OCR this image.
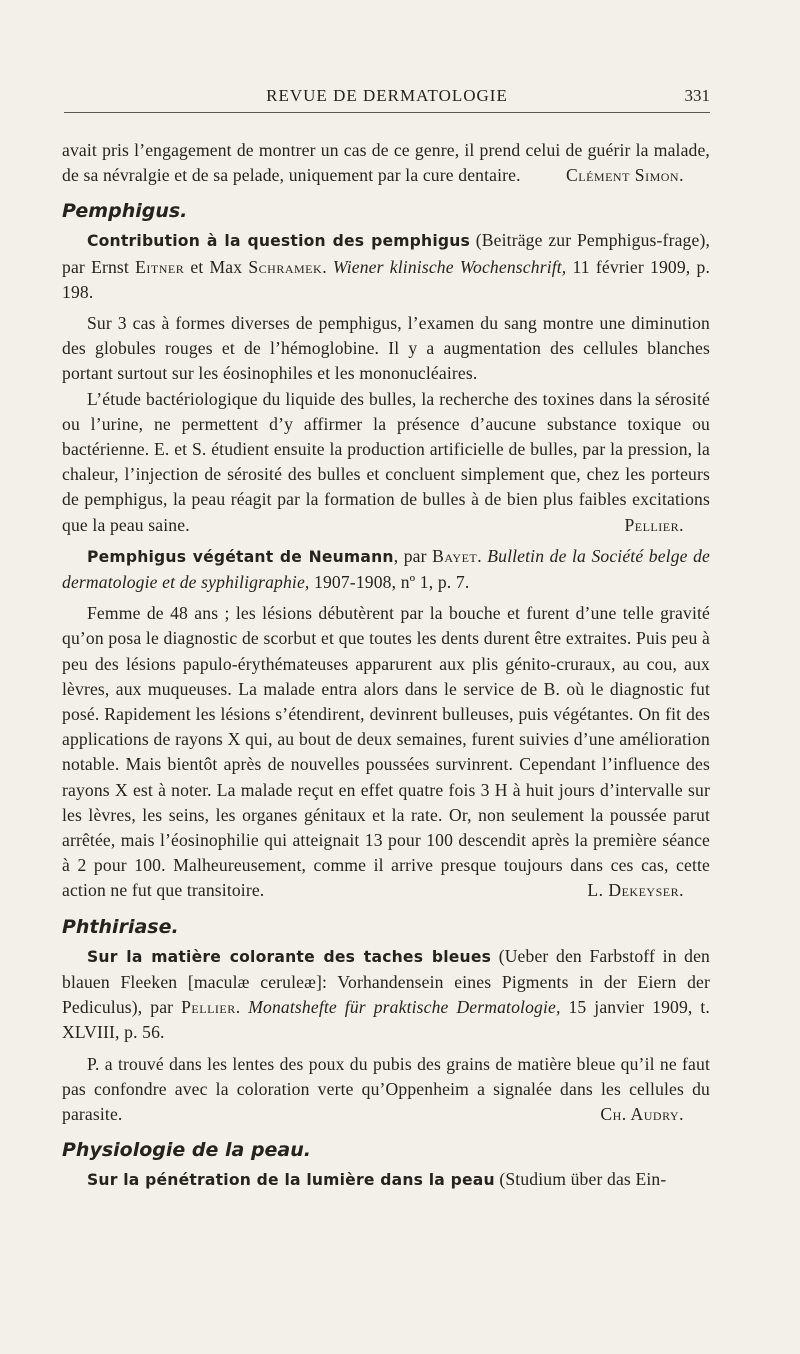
REVUE DE DERMATOLOGIE	331

avait pris l’engagement de montrer un cas de ce genre, il prend celui de guérir la malade, de sa névralgie et de sa pelade, uniquement par la cure dentaire.	Clément Simon.

Pemphigus.

Contribution à la question des pemphigus (Beiträge zur Pemphigus-frage), par Ernst Eitner et Max Schramek. Wiener klinische Wochenschrift, 11 février 1909, p. 198.

Sur 3 cas à formes diverses de pemphigus, l’examen du sang montre une diminution des globules rouges et de l’hémoglobine. Il y a augmentation des cellules blanches portant surtout sur les éosinophiles et les mononucléaires.

L’étude bactériologique du liquide des bulles, la recherche des toxines dans la sérosité ou l’urine, ne permettent d’y affirmer la présence d’aucune substance toxique ou bactérienne. E. et S. étudient ensuite la production artificielle de bulles, par la pression, la chaleur, l’injection de sérosité des bulles et concluent simplement que, chez les porteurs de pemphigus, la peau réagit par la formation de bulles à de bien plus faibles excitations que la peau saine.	Pellier.

Pemphigus végétant de Neumann, par Bayet. Bulletin de la Société belge de dermatologie et de syphiligraphie, 1907-1908, nº 1, p. 7.

Femme de 48 ans ; les lésions débutèrent par la bouche et furent d’une telle gravité qu’on posa le diagnostic de scorbut et que toutes les dents durent être extraites. Puis peu à peu des lésions papulo-érythémateuses apparurent aux plis génito-cruraux, au cou, aux lèvres, aux muqueuses. La malade entra alors dans le service de B. où le diagnostic fut posé. Rapidement les lésions s’étendirent, devinrent bulleuses, puis végétantes. On fit des applications de rayons X qui, au bout de deux semaines, furent suivies d’une amélioration notable. Mais bientôt après de nouvelles poussées survinrent. Cependant l’influence des rayons X est à noter. La malade reçut en effet quatre fois 3 H à huit jours d’intervalle sur les lèvres, les seins, les organes génitaux et la rate. Or, non seulement la poussée parut arrêtée, mais l’éosinophilie qui atteignait 13 pour 100 descendit après la première séance à 2 pour 100. Malheureusement, comme il arrive presque toujours dans ces cas, cette action ne fut que transitoire.	L. Dekeyser.

Phthiriase.

Sur la matière colorante des taches bleues (Ueber den Farbstoff in den blauen Fleeken [maculæ ceruleæ]: Vorhandensein eines Pigments in der Eiern der Pediculus), par Pellier. Monatshefte für praktische Dermatologie, 15 janvier 1909, t. XLVIII, p. 56.

P. a trouvé dans les lentes des poux du pubis des grains de matière bleue qu’il ne faut pas confondre avec la coloration verte qu’Oppenheim a signalée dans les cellules du parasite.	Ch. Audry.

Physiologie de la peau.

Sur la pénétration de la lumière dans la peau (Studium über das Ein-
